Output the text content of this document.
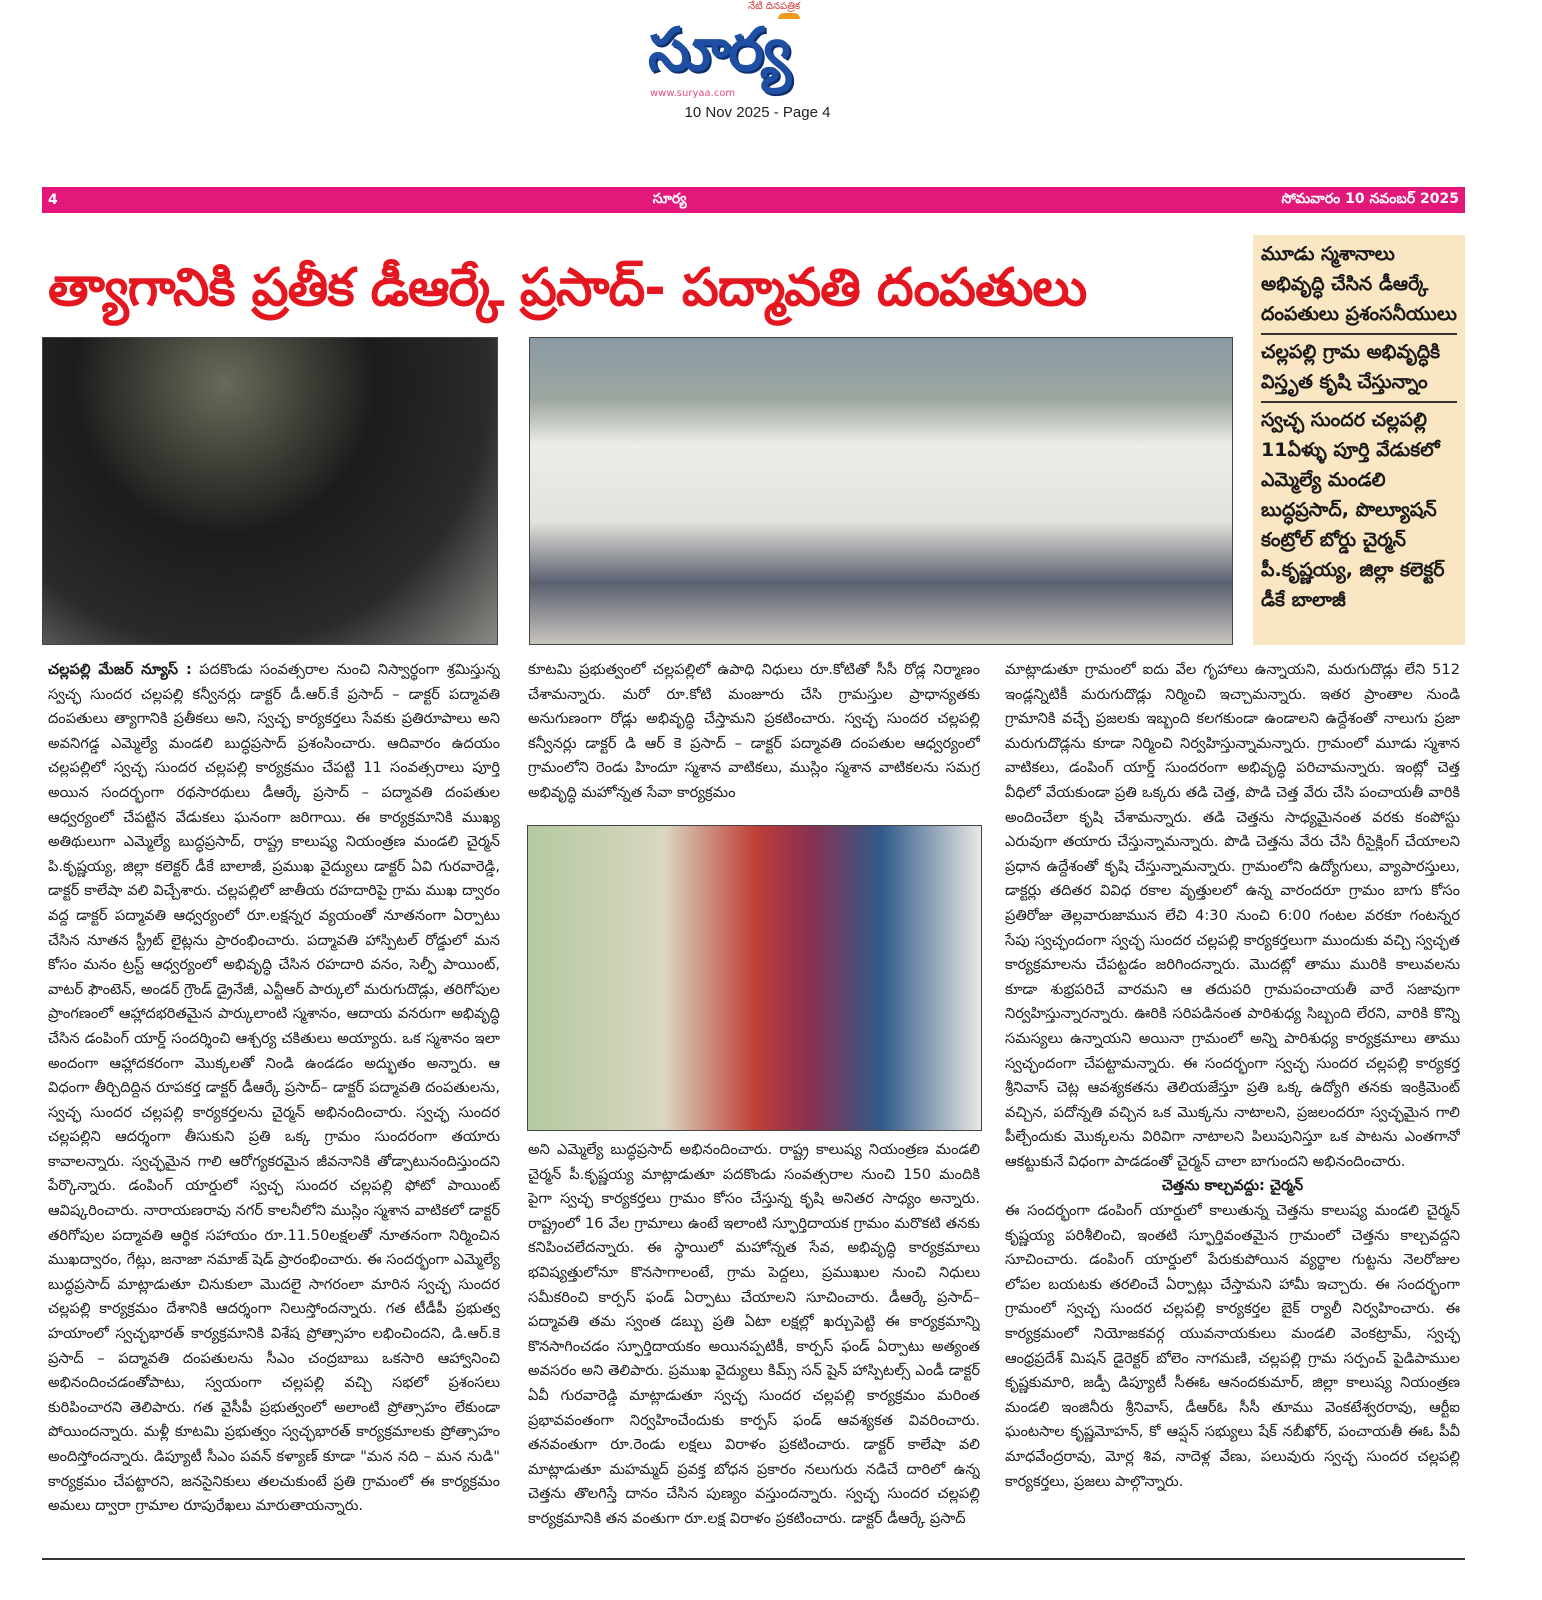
నేటి దినపత్రిక
సూర్య
www.suryaa.com
10 Nov 2025 - Page 4
4	సూర్య	సోమవారం 10 నవంబర్ 2025
త్యాగానికి ప్రతీక డీఆర్కే ప్రసాద్- పద్మావతి దంపతులు
మూడు స్మశానాలు అభివృద్ధి చేసిన డీఆర్కే దంపతులు ప్రశంసనీయులు
చల్లపల్లి గ్రామ అభివృద్ధికి విస్తృత కృషి చేస్తున్నాం
స్వచ్ఛ సుందర చల్లపల్లి 11ఏళ్ళు పూర్తి వేడుకలో ఎమ్మెల్యే మండలి బుద్ధప్రసాద్, పొల్యూషన్ కంట్రోల్ బోర్డు చైర్మన్ పీ.కృష్ణయ్య, జిల్లా కలెక్టర్ డీకే బాలాజీ
చల్లపల్లి మేజర్ న్యూస్ : పదకొండు సంవత్సరాల నుంచి నిస్వార్థంగా శ్రమిస్తున్న స్వచ్ఛ సుందర చల్లపల్లి కన్వీనర్లు డాక్టర్ డీ.ఆర్.కే ప్రసాద్ – డాక్టర్ పద్మావతి దంపతులు త్యాగానికి ప్రతీకలు అని, స్వచ్ఛ కార్యకర్తలు సేవకు ప్రతిరూపాలు అని అవనిగడ్డ ఎమ్మెల్యే మండలి బుద్ధప్రసాద్ ప్రశంసించారు. ఆదివారం ఉదయం చల్లపల్లిలో స్వచ్ఛ సుందర చల్లపల్లి కార్యక్రమం చేపట్టి 11 సంవత్సరాలు పూర్తి అయిన సందర్భంగా రథసారథులు డీఆర్కే ప్రసాద్ – పద్మావతి దంపతుల ఆధ్వర్యంలో చేపట్టిన వేడుకలు ఘనంగా జరిగాయి. ఈ కార్యక్రమానికి ముఖ్య అతిథులుగా ఎమ్మెల్యే బుద్ధప్రసాద్, రాష్ట్ర కాలుష్య నియంత్రణ మండలి చైర్మన్ పి.కృష్ణయ్య, జిల్లా కలెక్టర్ డీకే బాలాజీ, ప్రముఖ వైద్యులు డాక్టర్ ఏవి గురవారెడ్డి, డాక్టర్ కాలేషా వలి విచ్చేశారు. చల్లపల్లిలో జాతీయ రహదారిపై గ్రామ ముఖ ద్వారం వద్ద డాక్టర్ పద్మావతి ఆధ్వర్యంలో రూ.లక్షన్నర వ్యయంతో నూతనంగా ఏర్పాటు చేసిన నూతన స్ట్రీట్ లైట్లను ప్రారంభించారు. పద్మావతి హాస్పిటల్ రోడ్డులో మన కోసం మనం ట్రస్ట్ ఆధ్వర్యంలో అభివృద్ధి చేసిన రహదారి వనం, సెల్ఫీ పాయింట్, వాటర్ ఫౌంటెన్, అండర్ గ్రౌండ్ డ్రైనేజీ, ఎన్టీఆర్ పార్కులో మరుగుదొడ్లు, తరిగోపుల ప్రాంగణంలో ఆహ్లాదభరితమైన పార్కులాంటి స్మశానం, ఆదాయ వనరుగా అభివృద్ధి చేసిన డంపింగ్ యార్డ్ సందర్శించి ఆశ్చర్య చకితులు అయ్యారు. ఒక స్మశానం ఇలా అందంగా ఆహ్లాదకరంగా మొక్కలతో నిండి ఉండడం అద్భుతం అన్నారు. ఆ విధంగా తీర్చిదిద్దిన రూపకర్త డాక్టర్ డీఆర్కే ప్రసాద్– డాక్టర్ పద్మావతి దంపతులను, స్వచ్ఛ సుందర చల్లపల్లి కార్యకర్తలను చైర్మన్ అభినందించారు. స్వచ్ఛ సుందర చల్లపల్లిని ఆదర్శంగా తీసుకుని ప్రతి ఒక్క గ్రామం సుందరంగా తయారు కావాలన్నారు. స్వచ్ఛమైన గాలి ఆరోగ్యకరమైన జీవనానికి తోడ్పాటునందిస్తుందని పేర్కొన్నారు. డంపింగ్ యార్డులో స్వచ్ఛ సుందర చల్లపల్లి ఫోటో పాయింట్ ఆవిష్కరించారు. నారాయణరావు నగర్ కాలనీలోని ముస్లిం స్మశాన వాటికలో డాక్టర్ తరిగోపుల పద్మావతి ఆర్థిక సహాయం రూ.11.50లక్షలతో నూతనంగా నిర్మించిన ముఖద్వారం, గేట్లు, జనాజా నమాజ్ షెడ్ ప్రారంభించారు. ఈ సందర్భంగా ఎమ్మెల్యే బుద్ధప్రసాద్ మాట్లాడుతూ చినుకులా మొదలై సాగరంలా మారిన స్వచ్ఛ సుందర చల్లపల్లి కార్యక్రమం దేశానికి ఆదర్శంగా నిలుస్తోందన్నారు. గత టీడీపీ ప్రభుత్వ హయాంలో స్వచ్ఛభారత్ కార్యక్రమానికి విశేష ప్రోత్సాహం లభించిందని, డి.ఆర్.కె ప్రసాద్ – పద్మావతి దంపతులను సీఎం చంద్రబాబు ఒకసారి ఆహ్వానించి అభినందించడంతోపాటు, స్వయంగా చల్లపల్లి వచ్చి సభలో ప్రశంసలు కురిపించారని తెలిపారు. గత వైసీపీ ప్రభుత్వంలో అలాంటి ప్రోత్సాహం లేకుండా పోయిందన్నారు. మళ్లీ కూటమి ప్రభుత్వం స్వచ్ఛభారత్ కార్యక్రమాలకు ప్రోత్సాహం అందిస్తోందన్నారు. డిప్యూటీ సీఎం పవన్ కళ్యాణ్ కూడా "మన నది – మన నుడి" కార్యక్రమం చేపట్టారని, జనసైనికులు తలచుకుంటే ప్రతి గ్రామంలో ఈ కార్యక్రమం అమలు ద్వారా గ్రామాల రూపురేఖలు మారుతాయన్నారు.
కూటమి ప్రభుత్వంలో చల్లపల్లిలో ఉపాధి నిధులు రూ.కోటితో సీసీ రోడ్ల నిర్మాణం చేశామన్నారు. మరో రూ.కోటి మంజూరు చేసి గ్రామస్తుల ప్రాధాన్యతకు అనుగుణంగా రోడ్లు అభివృద్ధి చేస్తామని ప్రకటించారు. స్వచ్ఛ సుందర చల్లపల్లి కన్వీనర్లు డాక్టర్ డి ఆర్ కె ప్రసాద్ – డాక్టర్ పద్మావతి దంపతుల ఆధ్వర్యంలో గ్రామంలోని రెండు హిందూ స్మశాన వాటికలు, ముస్లిం స్మశాన వాటికలను సమగ్ర అభివృద్ధి మహోన్నత సేవా కార్యక్రమం
అని ఎమ్మెల్యే బుద్ధప్రసాద్ అభినందించారు. రాష్ట్ర కాలుష్య నియంత్రణ మండలి చైర్మన్ పీ.కృష్ణయ్య మాట్లాడుతూ పదకొండు సంవత్సరాల నుంచి 150 మందికి పైగా స్వచ్ఛ కార్యకర్తలు గ్రామం కోసం చేస్తున్న కృషి అనితర సాధ్యం అన్నారు. రాష్ట్రంలో 16 వేల గ్రామాలు ఉంటే ఇలాంటి స్ఫూర్తిదాయక గ్రామం మరొకటి తనకు కనిపించలేదన్నారు. ఈ స్థాయిలో మహోన్నత సేవ, అభివృద్ధి కార్యక్రమాలు భవిష్యత్తులోనూ కొనసాగాలంటే, గ్రామ పెద్దలు, ప్రముఖుల నుంచి నిధులు సమీకరించి కార్పస్ ఫండ్ ఏర్పాటు చేయాలని సూచించారు. డీఆర్కే ప్రసాద్– పద్మావతి తమ స్వంత డబ్బు ప్రతి ఏటా లక్షల్లో ఖర్చుపెట్టి ఈ కార్యక్రమాన్ని కొనసాగించడం స్ఫూర్తిదాయకం అయినప్పటికీ, కార్పస్ ఫండ్ ఏర్పాటు అత్యంత అవసరం అని తెలిపారు. ప్రముఖ వైద్యులు కిమ్స్ సన్ షైన్ హాస్పిటల్స్ ఎండీ డాక్టర్ ఏవీ గురవారెడ్డి మాట్లాడుతూ స్వచ్ఛ సుందర చల్లపల్లి కార్యక్రమం మరింత ప్రభావవంతంగా నిర్వహించేందుకు కార్పస్ ఫండ్ ఆవశ్యకత వివరించారు. తనవంతుగా రూ.రెండు లక్షలు విరాళం ప్రకటించారు. డాక్టర్ కాలేషా వలి మాట్లాడుతూ మహమ్మద్ ప్రవక్త బోధన ప్రకారం నలుగురు నడిచే దారిలో ఉన్న చెత్తను తొలగిస్తే దానం చేసిన పుణ్యం వస్తుందన్నారు. స్వచ్ఛ సుందర చల్లపల్లి కార్యక్రమానికి తన వంతుగా రూ.లక్ష విరాళం ప్రకటించారు. డాక్టర్ డీఆర్కే ప్రసాద్
మాట్లాడుతూ గ్రామంలో ఐదు వేల గృహాలు ఉన్నాయని, మరుగుదొడ్లు లేని 512 ఇండ్లన్నిటికీ మరుగుదొడ్లు నిర్మించి ఇచ్చామన్నారు. ఇతర ప్రాంతాల నుండి గ్రామానికి వచ్చే ప్రజలకు ఇబ్బంది కలగకుండా ఉండాలని ఉద్దేశంతో నాలుగు ప్రజా మరుగుదొడ్లను కూడా నిర్మించి నిర్వహిస్తున్నామన్నారు. గ్రామంలో మూడు స్మశాన వాటికలు, డంపింగ్ యార్డ్ సుందరంగా అభివృద్ధి పరిచామన్నారు. ఇంట్లో చెత్త వీధిలో వేయకుండా ప్రతి ఒక్కరు తడి చెత్త, పొడి చెత్త వేరు చేసి పంచాయతీ వారికి అందించేలా కృషి చేశామన్నారు. తడి చెత్తను సాధ్యమైనంత వరకు కంపోస్టు ఎరువుగా తయారు చేస్తున్నామన్నారు. పొడి చెత్తను వేరు చేసి రీసైక్లింగ్ చేయాలని ప్రధాన ఉద్దేశంతో కృషి చేస్తున్నామన్నారు. గ్రామంలోని ఉద్యోగులు, వ్యాపారస్తులు, డాక్టర్లు తదితర వివిధ రకాల వృత్తులలో ఉన్న వారందరూ గ్రామం బాగు కోసం ప్రతిరోజు తెల్లవారుజామున లేచి 4:30 నుంచి 6:00 గంటల వరకూ గంటన్నర సేపు స్వచ్ఛందంగా స్వచ్ఛ సుందర చల్లపల్లి కార్యకర్తలుగా ముందుకు వచ్చి స్వచ్ఛత కార్యక్రమాలను చేపట్టడం జరిగిందన్నారు. మొదట్లో తాము మురికి కాలువలను కూడా శుభ్రపరిచే వారమని ఆ తదుపరి గ్రామపంచాయతీ వారే సజావుగా నిర్వహిస్తున్నారన్నారు. ఊరికి సరిపడినంత పారిశుధ్య సిబ్బంది లేరని, వారికి కొన్ని సమస్యలు ఉన్నాయని అయినా గ్రామంలో అన్ని పారిశుధ్య కార్యక్రమాలు తాము స్వచ్ఛందంగా చేపట్టామన్నారు. ఈ సందర్భంగా స్వచ్ఛ సుందర చల్లపల్లి కార్యకర్త శ్రీనివాస్ చెట్ల ఆవశ్యకతను తెలియజేస్తూ ప్రతి ఒక్క ఉద్యోగి తనకు ఇంక్రిమెంట్ వచ్చిన, పదోన్నతి వచ్చిన ఒక మొక్కను నాటాలని, ప్రజలందరూ స్వచ్ఛమైన గాలి పీల్చేందుకు మొక్కలను విరివిగా నాటాలని పిలుపునిస్తూ ఒక పాటను ఎంతగానో ఆకట్టుకునే విధంగా పాడడంతో చైర్మన్ చాలా బాగుందని అభినందించారు.
చెత్తను కాల్చవద్దు: చైర్మన్
ఈ సందర్భంగా డంపింగ్ యార్డులో కాలుతున్న చెత్తను కాలుష్య మండలి చైర్మన్ కృష్ణయ్య పరిశీలించి, ఇంతటి స్ఫూర్తివంతమైన గ్రామంలో చెత్తను కాల్చవద్దని సూచించారు. డంపింగ్ యార్డులో పేరుకుపోయిన వ్యర్థాల గుట్టను నెలరోజుల లోపల బయటకు తరలించే ఏర్పాట్లు చేస్తామని హామీ ఇచ్చారు. ఈ సందర్భంగా గ్రామంలో స్వచ్ఛ సుందర చల్లపల్లి కార్యకర్తల బైక్ ర్యాలీ నిర్వహించారు. ఈ కార్యక్రమంలో నియోజకవర్గ యువనాయకులు మండలి వెంకట్రామ్, స్వచ్ఛ ఆంధ్రప్రదేశ్ మిషన్ డైరెక్టర్ బోలెం నాగమణి, చల్లపల్లి గ్రామ సర్పంచ్ పైడిపాముల కృష్ణకుమారి, జడ్పీ డిప్యూటీ సీఈఓ ఆనందకుమార్, జిల్లా కాలుష్య నియంత్రణ మండలి ఇంజినీరు శ్రీనివాస్, డీఆర్ఓ సీసీ తూము వెంకటేశ్వరరావు, ఆర్టీఐ ఘంటసాల కృష్ణమోహన్, కో ఆప్షన్ సభ్యులు షేక్ నబీఖోర్, పంచాయతీ ఈఓ పీవీ మాధవేంద్రరావు, మోర్ల శివ, నాదెళ్ల వేణు, పలువురు స్వచ్ఛ సుందర చల్లపల్లి కార్యకర్తలు, ప్రజలు పాల్గొన్నారు.
